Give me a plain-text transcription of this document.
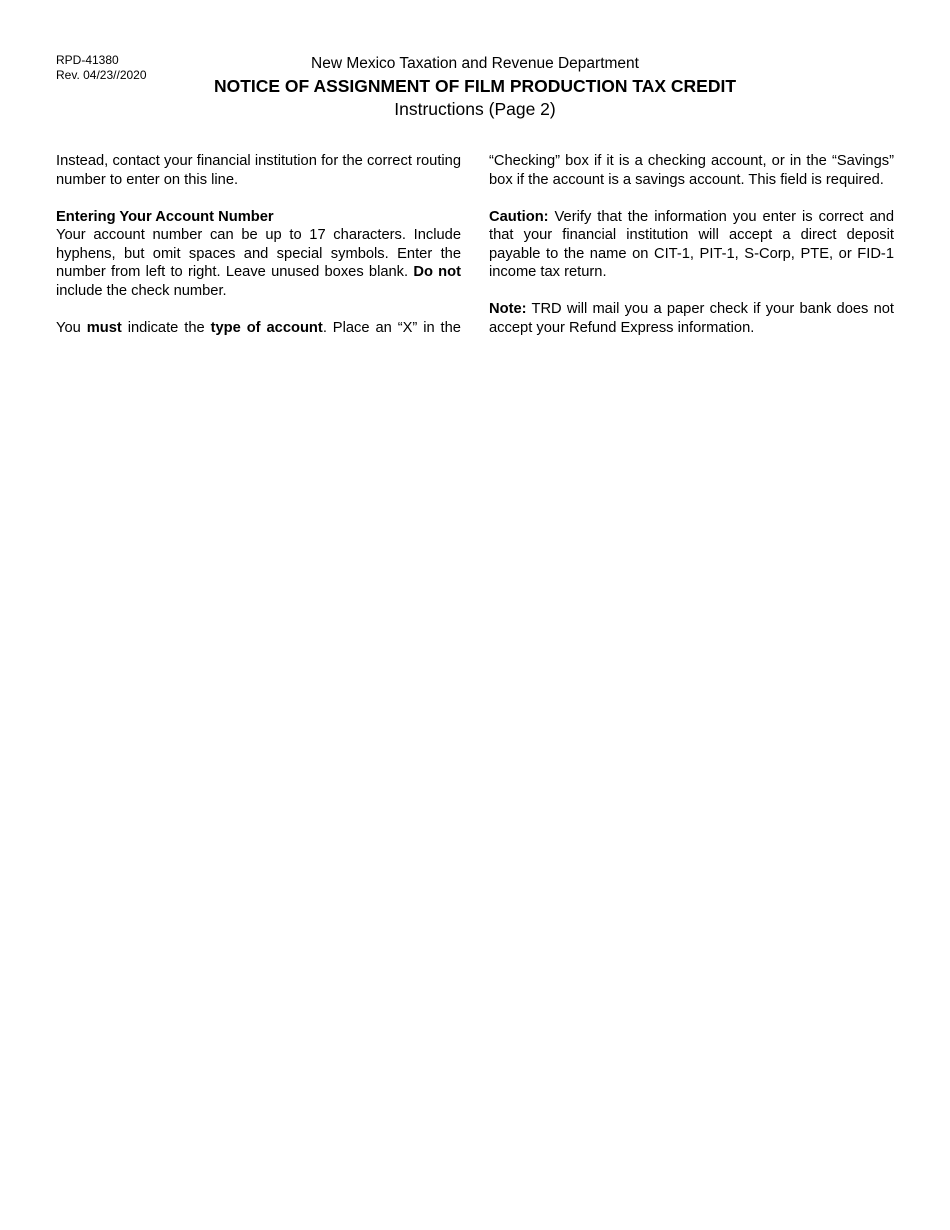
RPD-41380
Rev. 04/23//2020
New Mexico Taxation and Revenue Department
NOTICE OF ASSIGNMENT OF FILM PRODUCTION TAX CREDIT
Instructions (Page 2)

Instead, contact your financial institution for the correct routing number to enter on this line.

Entering Your Account Number
Your account number can be up to 17 characters. Include hyphens, but omit spaces and special symbols. Enter the number from left to right. Leave unused boxes blank. Do not include the check number.

You must indicate the type of account. Place an “X” in the

“Checking” box if it is a checking account, or in the “Savings” box if the account is a savings account. This field is required.

Caution: Verify that the information you enter is correct and that your financial institution will accept a direct deposit payable to the name on CIT-1, PIT-1, S-Corp, PTE, or FID-1 income tax return.

Note: TRD will mail you a paper check if your bank does not accept your Refund Express information.
